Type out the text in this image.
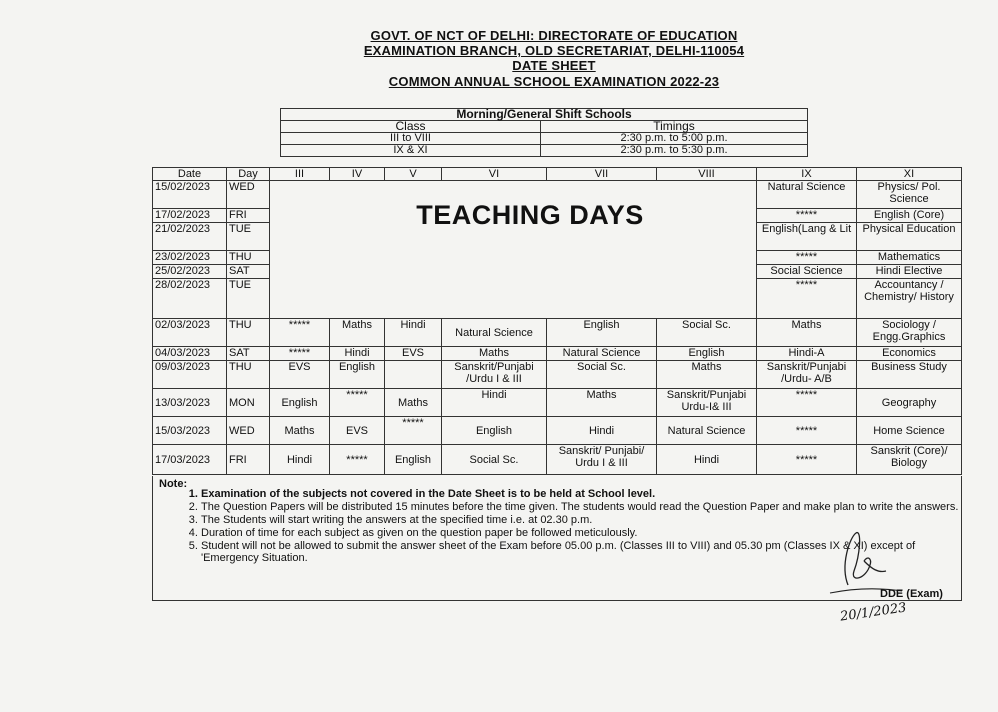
GOVT. OF NCT OF DELHI: DIRECTORATE OF EDUCATION
EXAMINATION BRANCH, OLD SECRETARIAT, DELHI-110054
DATE SHEET
COMMON ANNUAL SCHOOL EXAMINATION 2022-23
Morning/General Shift Schools	
Class	Timings
III to VIII	2:30 p.m. to 5:00 p.m.
IX & XI	2:30 p.m. to 5:30 p.m.
Date	Day	III	IV	V	VI	VII	VIII	IX	XI
15/02/2023	WED							Natural Science	Physics/ Pol. Science
17/02/2023	FRI							*****	English (Core)
21/02/2023	TUE							English(Lang & Lit	Physical Education
23/02/2023	THU							*****	Mathematics
25/02/2023	SAT							Social Science	Hindi Elective
28/02/2023	TUE							*****	Accountancy / Chemistry/ History
02/03/2023	THU	*****	Maths	Hindi	Natural Science	English	Social Sc.	Maths	Sociology / Engg.Graphics
04/03/2023	SAT	*****	Hindi	EVS	Maths	Natural Science	English	Hindi-A	Economics
09/03/2023	THU	EVS	English		Sanskrit/Punjabi /Urdu I & III	Social Sc.	Maths	Sanskrit/Punjabi /Urdu- A/B	Business Study
13/03/2023	MON	English	*****	Maths	Hindi	Maths	Sanskrit/Punjabi Urdu-I& III	*****	Geography
15/03/2023	WED	Maths	EVS	*****	English	Hindi	Natural Science	*****	Home Science
17/03/2023	FRI	Hindi	*****	English	Social Sc.	Sanskrit/ Punjabi/ Urdu I & III	Hindi	*****	Sanskrit (Core)/ Biology
TEACHING DAYS
Note:
1. Examination of the subjects not covered in the Date Sheet is to be held at School level.
2. The Question Papers will be distributed 15 minutes before the time given. The students would read the Question Paper and make plan to write the answers.
3. The Students will start writing the answers at the specified time i.e. at 02.30 p.m.
4. Duration of time for each subject as given on the question paper be followed meticulously.
5. Student will not be allowed to submit the answer sheet of the Exam before 05.00 p.m. (Classes III to VIII) and 05.30 pm (Classes IX & XI) except of 'Emergency Situation.
DDE (Exam)
20/1/2023
